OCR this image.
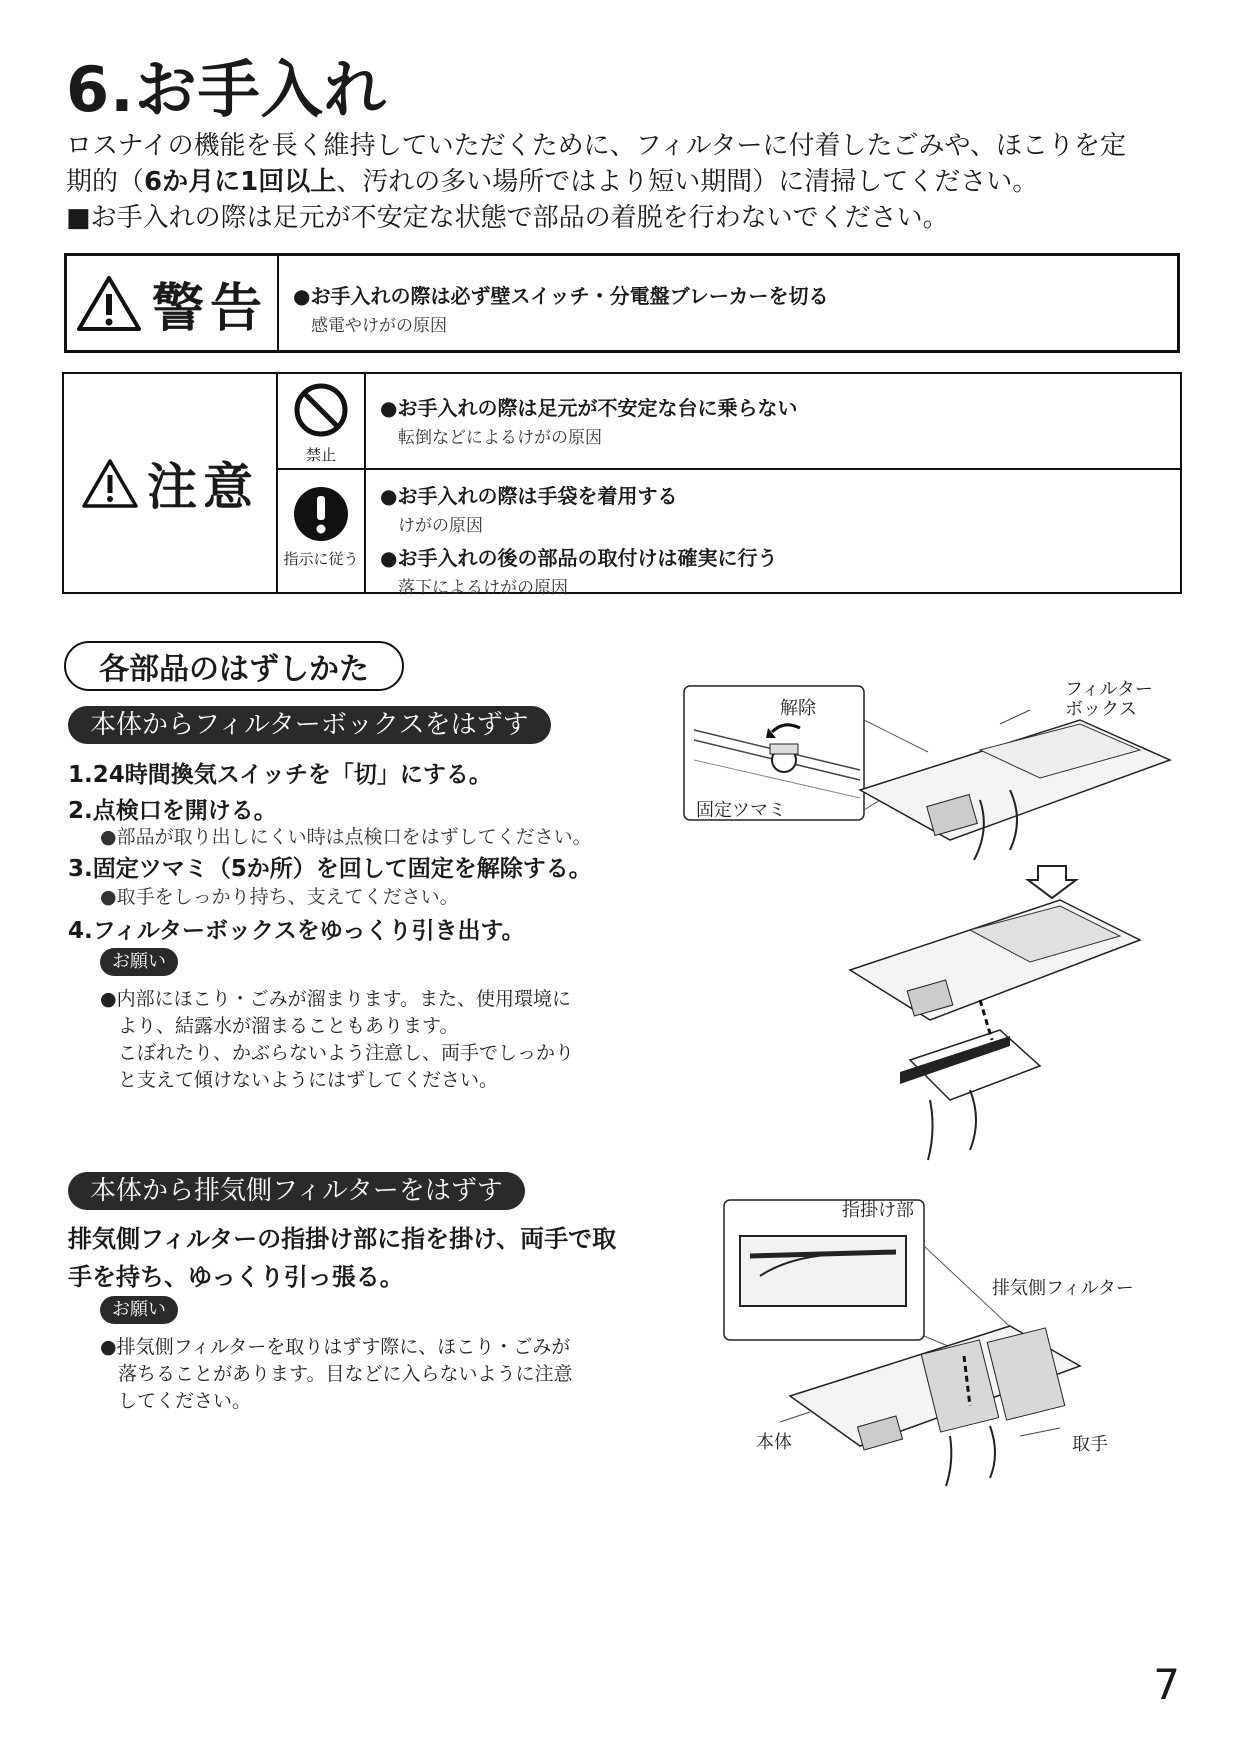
6.お手入れ
ロスナイの機能を長く維持していただくために、フィルターに付着したごみや、ほこりを定
期的（6か月に1回以上、汚れの多い場所ではより短い期間）に清掃してください。
■お手入れの際は足元が不安定な状態で部品の着脱を行わないでください。
警告 ●お手入れの際は必ず壁スイッチ・分電盤ブレーカーを切る
感電やけがの原因
注意
禁止
指示に従う
●お手入れの際は足元が不安定な台に乗らない
転倒などによるけがの原因
●お手入れの際は手袋を着用する
けがの原因
●お手入れの後の部品の取付けは確実に行う
落下によるけがの原因
各部品のはずしかた
本体からフィルターボックスをはずす
1.24時間換気スイッチを「切」にする。
2.点検口を開ける。
●部品が取り出しにくい時は点検口をはずしてください。
3.固定ツマミ（5か所）を回して固定を解除する。
●取手をしっかり持ち、支えてください。
4.フィルターボックスをゆっくり引き出す。
お願い
●内部にほこり・ごみが溜まります。また、使用環境に
より、結露水が溜まることもあります。
こぼれたり、かぶらないよう注意し、両手でしっかり
と支えて傾けないようにはずしてください。
本体から排気側フィルターをはずす
排気側フィルターの指掛け部に指を掛け、両手で取
手を持ち、ゆっくり引っ張る。
お願い
●排気側フィルターを取りはずす際に、ほこり・ごみが
落ちることがあります。目などに入らないように注意
してください。
解除
固定ツマミ
フィルター
ボックス
指掛け部
排気側フィルター
本体	取手
7
